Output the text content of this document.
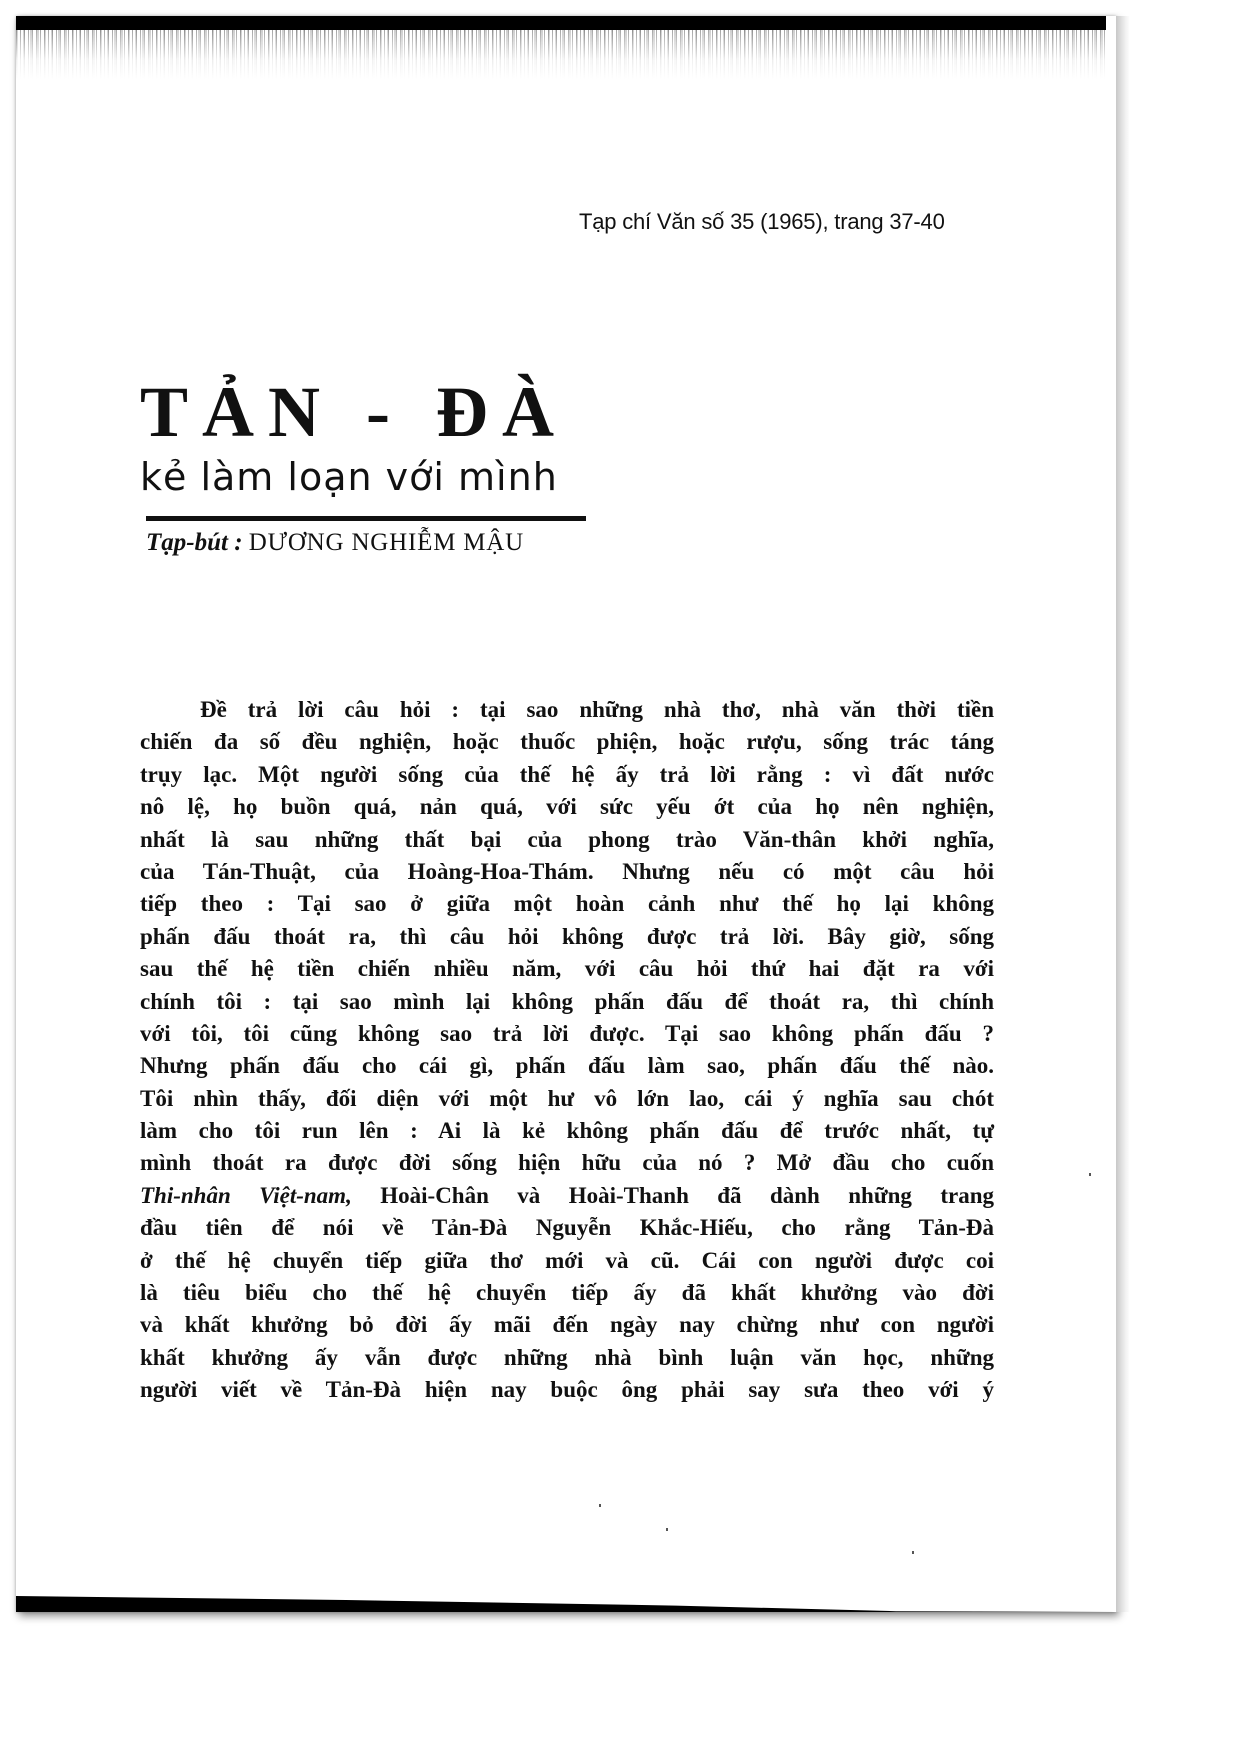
Tạp chí Văn số 35 (1965), trang 37-40
TẢN - ĐÀ
kẻ làm loạn với mình
Tạp-bút : DƯƠNG NGHIỄM MẬU
Đề trả lời câu hỏi : tại sao những nhà thơ, nhà văn thời tiền
chiến đa số đều nghiện, hoặc thuốc phiện, hoặc rượu, sống trác táng
trụy lạc. Một người sống của thế hệ ấy trả lời rằng : vì đất nước
nô lệ, họ buồn quá, nản quá, với sức yếu ớt của họ nên nghiện,
nhất là sau những thất bại của phong trào Văn-thân khởi nghĩa,
của Tán-Thuật, của Hoàng-Hoa-Thám. Nhưng nếu có một câu hỏi
tiếp theo : Tại sao ở giữa một hoàn cảnh như thế họ lại không
phấn đấu thoát ra, thì câu hỏi không được trả lời. Bây giờ, sống
sau thế hệ tiền chiến nhiều năm, với câu hỏi thứ hai đặt ra với
chính tôi : tại sao mình lại không phấn đấu để thoát ra, thì chính
với tôi, tôi cũng không sao trả lời được. Tại sao không phấn đấu ?
Nhưng phấn đấu cho cái gì, phấn đấu làm sao, phấn đấu thế nào.
Tôi nhìn thấy, đối diện với một hư vô lớn lao, cái ý nghĩa sau chót
làm cho tôi run lên : Ai là kẻ không phấn đấu để trước nhất, tự
mình thoát ra được đời sống hiện hữu của nó ? Mở đầu cho cuốn
Thi-nhân Việt-nam, Hoài-Chân và Hoài-Thanh đã dành những trang
đầu tiên để nói về Tản-Đà Nguyễn Khắc-Hiếu, cho rằng Tản-Đà
ở thế hệ chuyển tiếp giữa thơ mới và cũ. Cái con người được coi
là tiêu biểu cho thế hệ chuyển tiếp ấy đã khất khưởng vào đời
và khất khưởng bỏ đời ấy mãi đến ngày nay chừng như con người
khất khưởng ấy vẫn được những nhà bình luận văn học, những
người viết về Tản-Đà hiện nay buộc ông phải say sưa theo với ý
